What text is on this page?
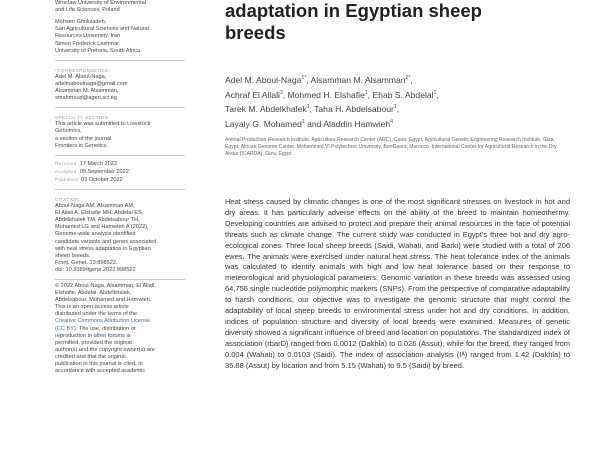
Wroclaw University of Environmental
and Life Sciences, Poland
Mohsen Gholizadeh,
Sari Agricultural Sciences and Natural
Resources University, Iran
Simon Frederick Lashmar,
University of Pretoria, South Africa
*CORRESPONDENCE:
Adel M. Aboul-Naga,
adelmaboulnaga@gmail.com
Alsamman M. Alsamman,
smahmoud@ageri.sci.eg
SPECIALTY SECTION:
This article was submitted to Livestock
Genomics,
a section of the journal
Frontiers in Genetics
Received: 17 March 2022
Accepted: 05 September 2022
Published: 03 October 2022
CITATION:
Aboul-Naga AM, Alsamman AM,
El Allali A, Elshafie MH, Abdelal ES,
Abdelkhalek TM, Abdelsabour TH,
Mohamed LG and Hamwieh A (2022),
Genome-wide analysis identified
candidate variants and genes associated
with heat stress adaptation in Egyptian
sheep breeds.
Front. Genet. 13:898522.
doi: 10.3389/fgene.2022.898522
© 2022 Aboul-Naga, Alsamman, El Allali,
Elshafie, Abdelal, Abdelkhalek,
Abdelsabour, Mohamed and Hamwieh.
This is an open-access article
distributed under the terms of the
Creative Commons Attribution License
(CC BY). The use, distribution or
reproduction in other forums is
permitted, provided the original
author(s) and the copyright owner(s) are
credited and that the original
publication in this journal is cited, in
accordance with accepted academic
adaptation in Egyptian sheep
breeds
Adel M. Aboul-Naga$^{1*}$, Alsamman M. Alsamman$^{2*}$,
Achraf El Allali$^3$, Mohmed H. Elshafie$^1$, Ehab S. Abdelal$^1$,
Tarek M. Abdelkhalek$^1$, Taha H. Abdelsabour$^1$,
Layaly G. Mohamed$^1$ and Aladdin Hamwieh$^4$
Animal Production Research Institute, Agriculture Research Center (ARC), Cairo, Egypt, Agricultural Genetic Engineering Research Institute, Giza, Egypt, African Genome Center, Mohammed VI Polytechnic University, BenGuerir, Morocco, International Center for Agricultural Research in the Dry Areas (ICARDA), Giza, Egypt

Heat stress caused by climatic changes is one of the most significant stresses on livestock in hot and dry areas. It has particularly adverse effects on the ability of the breed to maintain homeothermy. Developing countries are advised to protect and prepare their animal resources in the face of potential threats such as climate change. The current study was conducted in Egypt's three hot and dry agro-ecological zones. Three local sheep breeds (Saidi, Wahati, and Barki) were studied with a total of 206 ewes. The animals were exercised under natural heat stress. The heat tolerance index of the animals was calculated to identify animals with high and low heat tolerance based on their response to meteorological and physiological parameters. Genomic variation in these breeds was assessed using 64,756 single nucleotide polymorphic markers (SNPs). From the perspective of comparative adaptability to harsh conditions, our objective was to investigate the genomic structure that might control the adaptability of local sheep breeds to environmental stress under hot and dry conditions. In addition, indices of population structure and diversity of local breeds were examined. Measures of genetic diversity showed a significant influence of breed and location on populations. The standardized index of association (rbarD) ranged from 0.0012 (Dakhla) to 0.026 (Assut), while for the breed, they ranged from 0.004 (Wahati) to 0.0103 (Saidi). The index of association analysis (Iᴬ) ranged from 1.42 (Dakhla) to 35.88 (Assut) by location and from 5.15 (Wahati) to 9.5 (Saidi) by breed.
